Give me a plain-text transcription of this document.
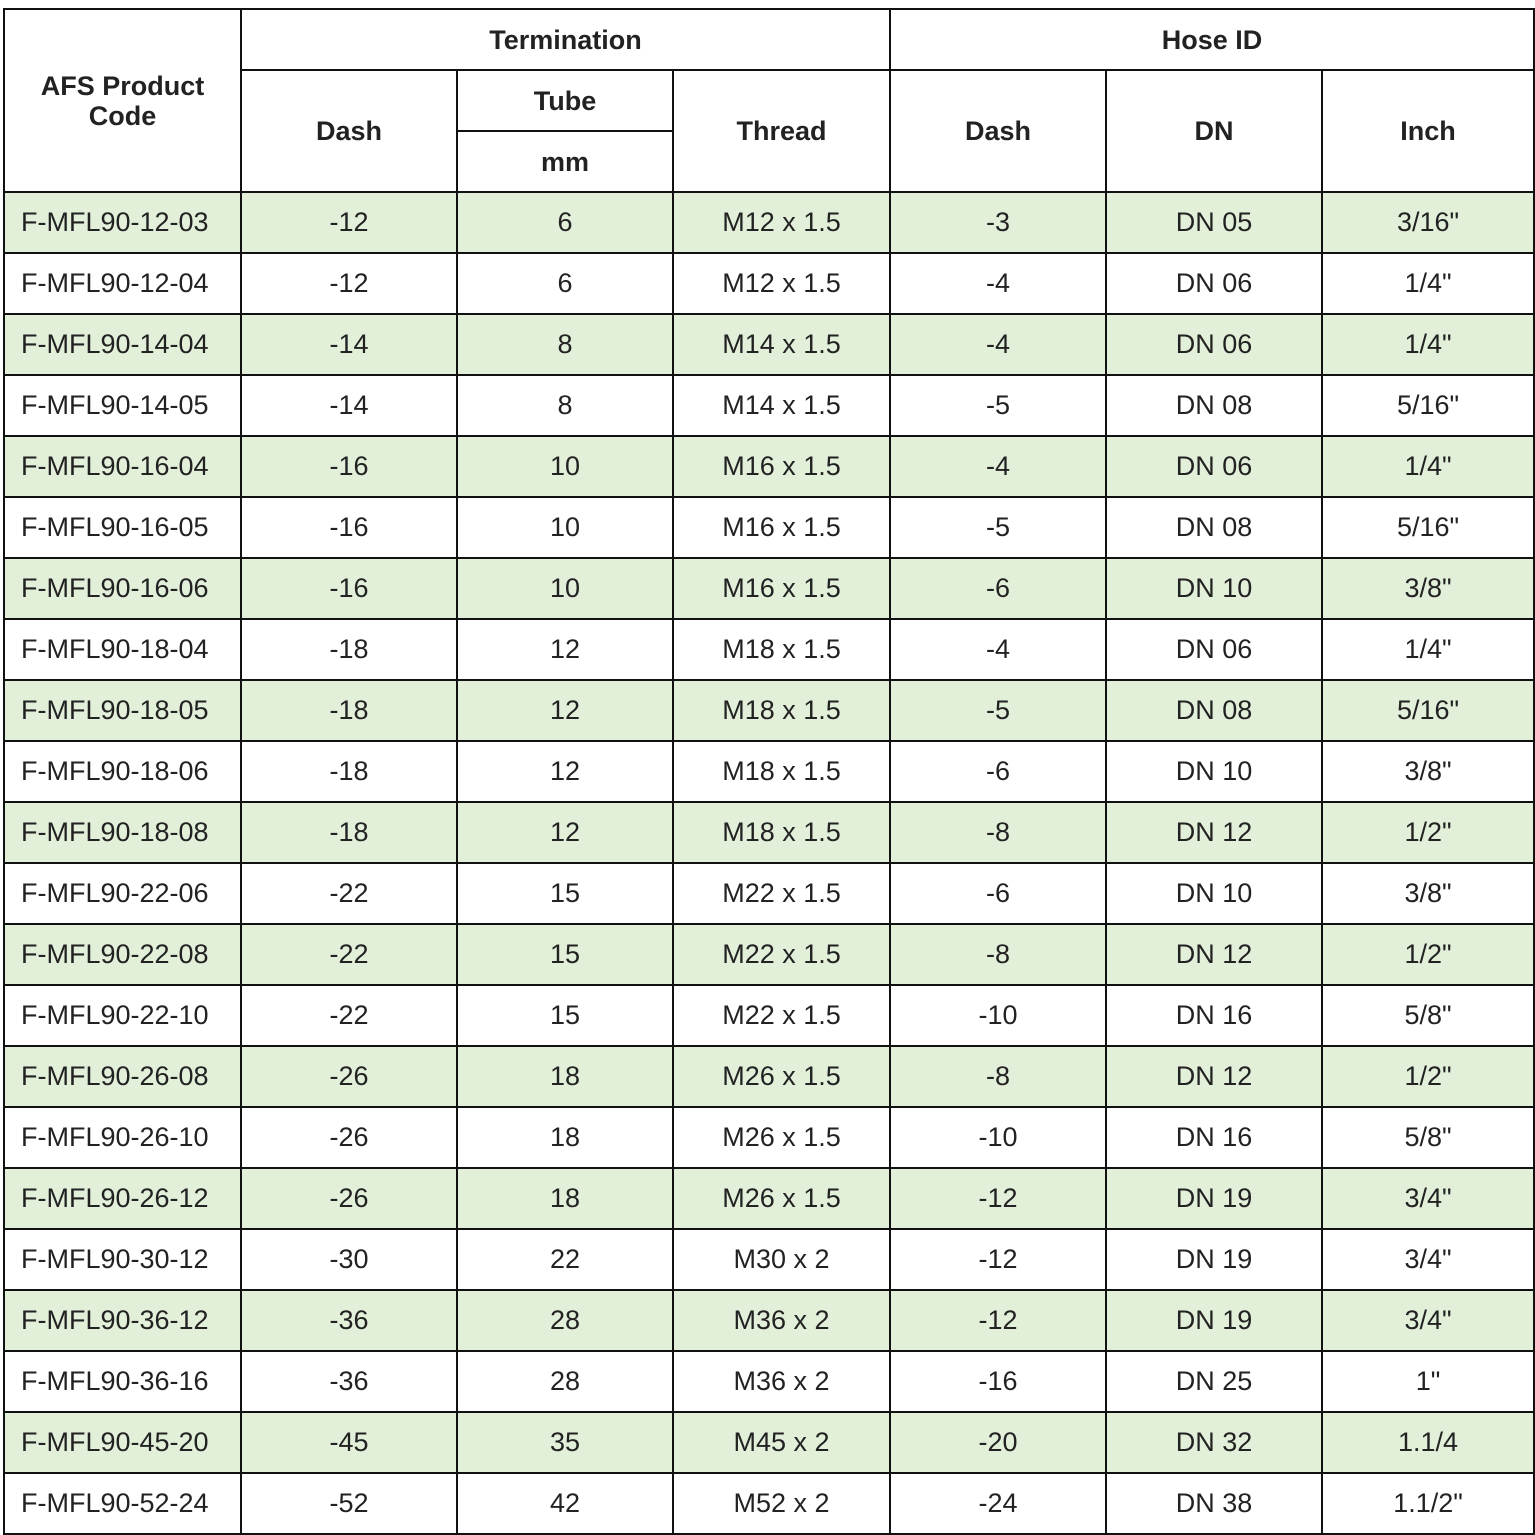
AFS Product Code	Termination			Hose ID		
	Dash	Tube	Thread	Dash	DN	Inch
		mm				
F-MFL90-12-03	-12	6	M12 x 1.5	-3	DN 05	3/16"
F-MFL90-12-04	-12	6	M12 x 1.5	-4	DN 06	1/4"
F-MFL90-14-04	-14	8	M14 x 1.5	-4	DN 06	1/4"
F-MFL90-14-05	-14	8	M14 x 1.5	-5	DN 08	5/16"
F-MFL90-16-04	-16	10	M16 x 1.5	-4	DN 06	1/4"
F-MFL90-16-05	-16	10	M16 x 1.5	-5	DN 08	5/16"
F-MFL90-16-06	-16	10	M16 x 1.5	-6	DN 10	3/8"
F-MFL90-18-04	-18	12	M18 x 1.5	-4	DN 06	1/4"
F-MFL90-18-05	-18	12	M18 x 1.5	-5	DN 08	5/16"
F-MFL90-18-06	-18	12	M18 x 1.5	-6	DN 10	3/8"
F-MFL90-18-08	-18	12	M18 x 1.5	-8	DN 12	1/2"
F-MFL90-22-06	-22	15	M22 x 1.5	-6	DN 10	3/8"
F-MFL90-22-08	-22	15	M22 x 1.5	-8	DN 12	1/2"
F-MFL90-22-10	-22	15	M22 x 1.5	-10	DN 16	5/8"
F-MFL90-26-08	-26	18	M26 x 1.5	-8	DN 12	1/2"
F-MFL90-26-10	-26	18	M26 x 1.5	-10	DN 16	5/8"
F-MFL90-26-12	-26	18	M26 x 1.5	-12	DN 19	3/4"
F-MFL90-30-12	-30	22	M30 x 2	-12	DN 19	3/4"
F-MFL90-36-12	-36	28	M36 x 2	-12	DN 19	3/4"
F-MFL90-36-16	-36	28	M36 x 2	-16	DN 25	1"
F-MFL90-45-20	-45	35	M45 x 2	-20	DN 32	1.1/4
F-MFL90-52-24	-52	42	M52 x 2	-24	DN 38	1.1/2"
